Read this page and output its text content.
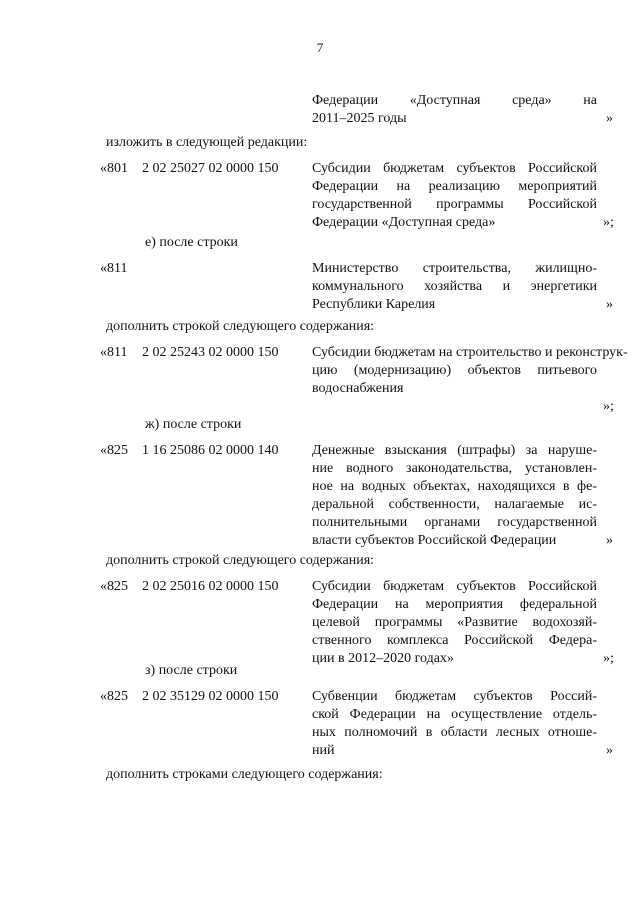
7
Федерации «Доступная среда» на
2011–2025 годы	»
изложить в следующей редакции:
«801 2 02 25027 02 0000 150 Субсидии бюджетам субъектов Российской
Федерации на реализацию мероприятий
государственной программы Российской
Федерации «Доступная среда»	»;
е) после строки
«811	Министерство строительства, жилищно-
коммунального хозяйства и энергетики
Республики Карелия	»
дополнить строкой следующего содержания:
«811 2 02 25243 02 0000 150 Субсидии бюджетам на строительство и реконструк-
цию (модернизацию) объектов питьевого
водоснабжения
»;
ж) после строки
«825 1 16 25086 02 0000 140 Денежные взыскания (штрафы) за наруше-
ние водного законодательства, установлен-
ное на водных объектах, находящихся в фе-
деральной собственности, налагаемые ис-
полнительными органами государственной
власти субъектов Российской Федерации	»
дополнить строкой следующего содержания:
«825 2 02 25016 02 0000 150 Субсидии бюджетам субъектов Российской
Федерации на мероприятия федеральной
целевой программы «Развитие водохозяй-
ственного комплекса Российской Федера-
ции в 2012–2020 годах»	»;
з) после строки
«825 2 02 35129 02 0000 150 Субвенции бюджетам субъектов Россий-
ской Федерации на осуществление отдель-
ных полномочий в области лесных отноше-
ний	»
дополнить строками следующего содержания:
